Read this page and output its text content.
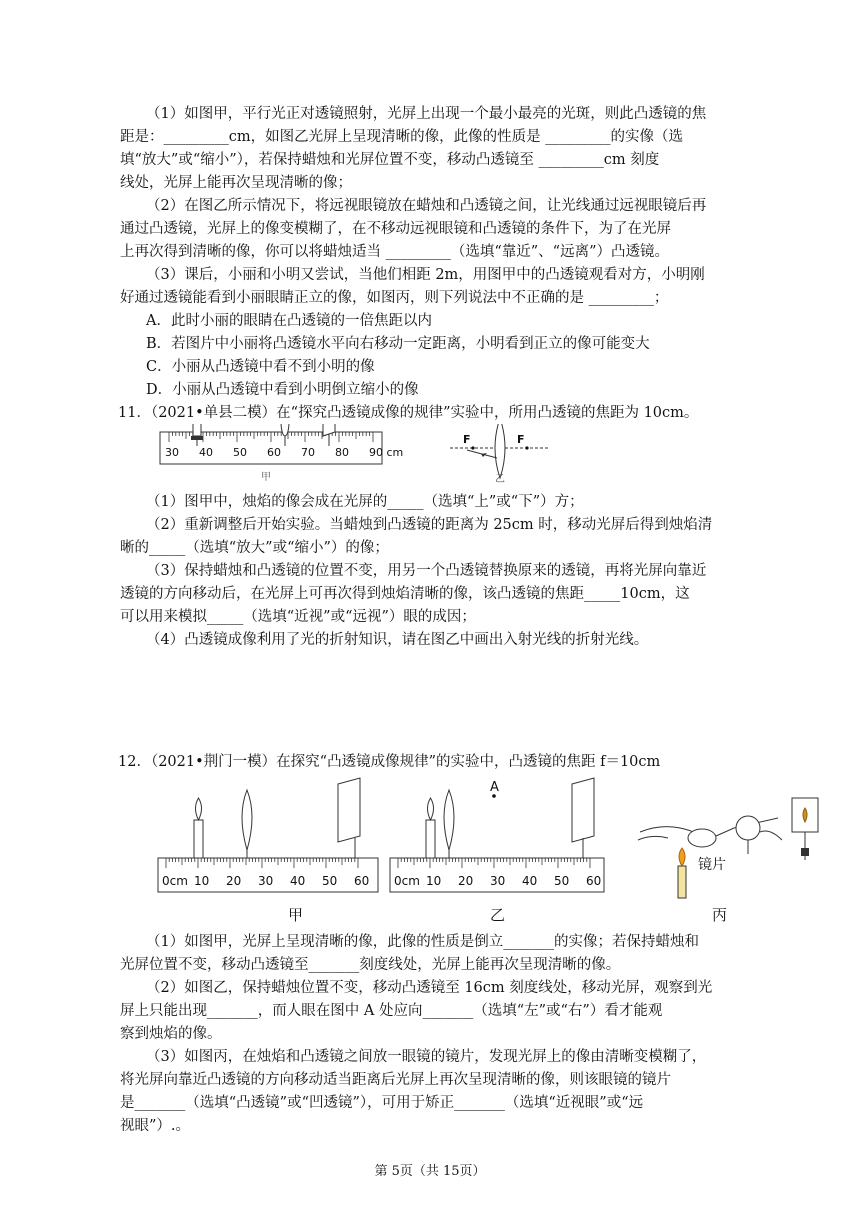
（1）如图甲，平行光正对透镜照射，光屏上出现一个最小最亮的光斑，则此凸透镜的焦
距是：_________cm，如图乙光屏上呈现清晰的像，此像的性质是 _________的实像（选
填“放大”或“缩小”），若保持蜡烛和光屏位置不变，移动凸透镜至 _________cm 刻度
线处，光屏上能再次呈现清晰的像；
（2）在图乙所示情况下，将远视眼镜放在蜡烛和凸透镜之间，让光线通过远视眼镜后再
通过凸透镜，光屏上的像变模糊了，在不移动远视眼镜和凸透镜的条件下，为了在光屏
上再次得到清晰的像，你可以将蜡烛适当 _________（选填“靠近”、“远离”）凸透镜。
（3）课后，小丽和小明又尝试，当他们相距 2m，用图甲中的凸透镜观看对方，小明刚
好通过透镜能看到小丽眼睛正立的像，如图丙，则下列说法中不正确的是 _________；
A．此时小丽的眼睛在凸透镜的一倍焦距以内
B．若图片中小丽将凸透镜水平向右移动一定距离，小明看到正立的像可能变大
C．小丽从凸透镜中看不到小明的像
D．小丽从凸透镜中看到小明倒立缩小的像
11．（2021•单县二模）在“探究凸透镜成像的规律”实验中，所用凸透镜的焦距为 10cm。
F	F
30 40 50 60 70 80 90 cm
甲	乙
（1）图甲中，烛焰的像会成在光屏的_____（选填“上”或“下”）方；
（2）重新调整后开始实验。当蜡烛到凸透镜的距离为 25cm 时，移动光屏后得到烛焰清
晰的_____（选填“放大”或“缩小”）的像；
（3）保持蜡烛和凸透镜的位置不变，用另一个凸透镜替换原来的透镜，再将光屏向靠近
透镜的方向移动后，在光屏上可再次得到烛焰清晰的像，该凸透镜的焦距_____10cm，这
可以用来模拟_____（选填“近视”或“远视”）眼的成因；
（4）凸透镜成像利用了光的折射知识，请在图乙中画出入射光线的折射光线。
12．（2021•荆门一模）在探究“凸透镜成像规律”的实验中，凸透镜的焦距 f＝10cm
0cm 10 20 30 40 50 60 0cm 10 20 30 40 50 60
A
镜片
甲	乙	丙
（1）如图甲，光屏上呈现清晰的像，此像的性质是倒立_______的实像；若保持蜡烛和
光屏位置不变，移动凸透镜至_______刻度线处，光屏上能再次呈现清晰的像。
（2）如图乙，保持蜡烛位置不变，移动凸透镜至 16cm 刻度线处，移动光屏，观察到光
屏上只能出现_______，而人眼在图中 A 处应向_______（选填“左”或“右”）看才能观
察到烛焰的像。
（3）如图丙，在烛焰和凸透镜之间放一眼镜的镜片，发现光屏上的像由清晰变模糊了，
将光屏向靠近凸透镜的方向移动适当距离后光屏上再次呈现清晰的像，则该眼镜的镜片
是_______（选填“凸透镜”或“凹透镜”），可用于矫正_______（选填“近视眼”或“远
视眼”）.。
第 5页（共 15页）
